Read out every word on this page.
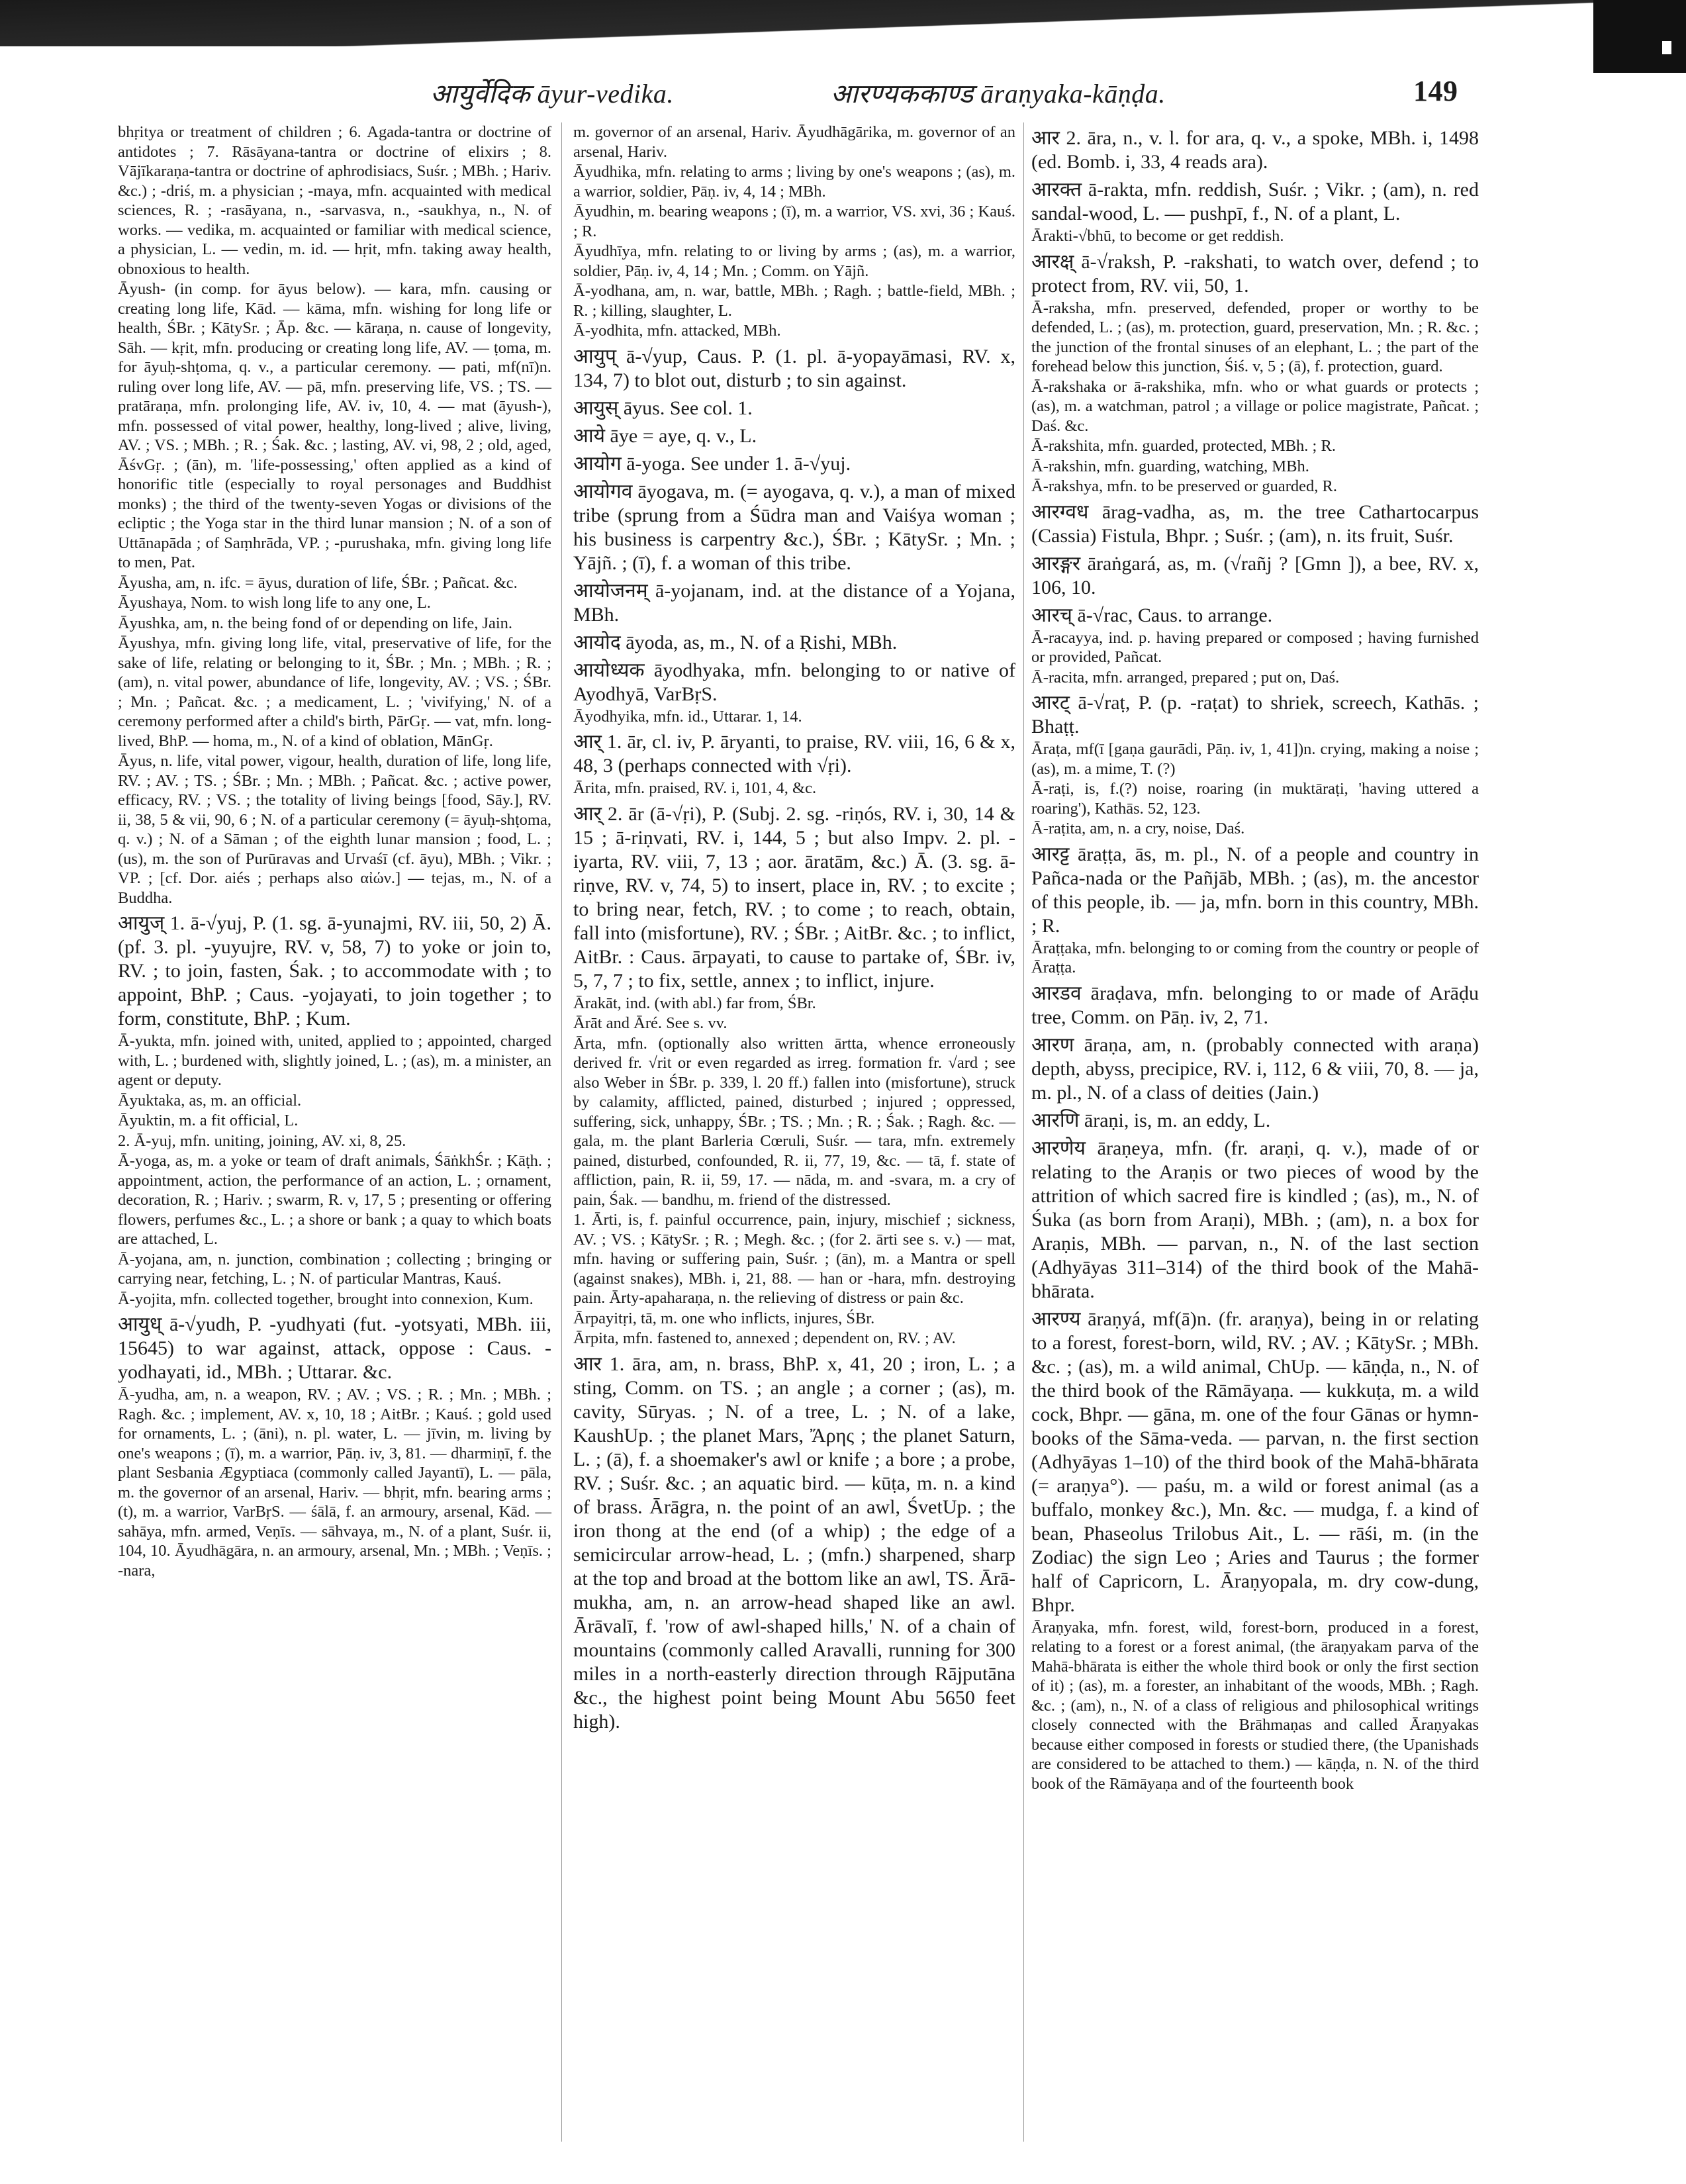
आयुर्वेदिक āyur-vedika.	आरण्यककाण्ड āraṇyaka-kāṇḍa.	149

bhṛitya or treatment of children ; 6. Agada-tantra or doctrine of antidotes ; 7. Rāsāyana-tantra or doctrine of elixirs ; 8. Vājīkaraṇa-tantra or doctrine of aphrodisiacs, Suśr. ; MBh. ; Hariv. &c.) ; -driś, m. a physician ; -maya, mfn. acquainted with medical sciences, R. ; -rasāyana, n., -sarvasva, n., -saukhya, n., N. of works. — vedika, m. acquainted or familiar with medical science, a physician, L. — vedin, m. id. — hṛit, mfn. taking away health, obnoxious to health.

Āyush- (in comp. for āyus below). — kara, mfn. causing or creating long life, Kād. — kāma, mfn. wishing for long life or health, ŚBr. ; KātySr. ; Āp. &c. — kāraṇa, n. cause of longevity, Sāh. — kṛit, mfn. producing or creating long life, AV. — ṭoma, m. for āyuḥ-shṭoma, q. v., a particular ceremony. — pati, mf(nī)n. ruling over long life, AV. — pā, mfn. preserving life, VS. ; TS. — pratāraṇa, mfn. prolonging life, AV. iv, 10, 4. — mat (āyush-), mfn. possessed of vital power, healthy, long-lived ; alive, living, AV. ; VS. ; MBh. ; R. ; Śak. &c. ; lasting, AV. vi, 98, 2 ; old, aged, ĀśvGṛ. ; (ān), m. 'life-possessing,' often applied as a kind of honorific title (especially to royal personages and Buddhist monks) ; the third of the twenty-seven Yogas or divisions of the ecliptic ; the Yoga star in the third lunar mansion ; N. of a son of Uttānapāda ; of Saṃhrāda, VP. ; -purushaka, mfn. giving long life to men, Pat.

Āyusha, am, n. ifc. = āyus, duration of life, ŚBr. ; Pañcat. &c.

Āyushaya, Nom. to wish long life to any one, L.

Āyushka, am, n. the being fond of or depending on life, Jain.

Āyushya, mfn. giving long life, vital, preservative of life, for the sake of life, relating or belonging to it, ŚBr. ; Mn. ; MBh. ; R. ; (am), n. vital power, abundance of life, longevity, AV. ; VS. ; ŚBr. ; Mn. ; Pañcat. &c. ; a medicament, L. ; 'vivifying,' N. of a ceremony performed after a child's birth, PārGṛ. — vat, mfn. long-lived, BhP. — homa, m., N. of a kind of oblation, MānGṛ.

Āyus, n. life, vital power, vigour, health, duration of life, long life, RV. ; AV. ; TS. ; ŚBr. ; Mn. ; MBh. ; Pañcat. &c. ; active power, efficacy, RV. ; VS. ; the totality of living beings [food, Sāy.], RV. ii, 38, 5 & vii, 90, 6 ; N. of a particular ceremony (= āyuḥ-shṭoma, q. v.) ; N. of a Sāman ; of the eighth lunar mansion ; food, L. ; (us), m. the son of Purūravas and Urvaśī (cf. āyu), MBh. ; Vikr. ; VP. ; [cf. Dor. aiés ; perhaps also αἰών.] — tejas, m., N. of a Buddha.

आयुज् 1. ā-√yuj, P. (1. sg. ā-yunajmi, RV. iii, 50, 2) Ā. (pf. 3. pl. -yuyujre, RV. v, 58, 7) to yoke or join to, RV. ; to join, fasten, Śak. ; to accommodate with ; to appoint, BhP. ; Caus. -yojayati, to join together ; to form, constitute, BhP. ; Kum.

Ā-yukta, mfn. joined with, united, applied to ; appointed, charged with, L. ; burdened with, slightly joined, L. ; (as), m. a minister, an agent or deputy.

Āyuktaka, as, m. an official.

Āyuktin, m. a fit official, L.

2. Ā-yuj, mfn. uniting, joining, AV. xi, 8, 25.

Ā-yoga, as, m. a yoke or team of draft animals, ŚāṅkhŚr. ; Kāṭh. ; appointment, action, the performance of an action, L. ; ornament, decoration, R. ; Hariv. ; swarm, R. v, 17, 5 ; presenting or offering flowers, perfumes &c., L. ; a shore or bank ; a quay to which boats are attached, L.

Ā-yojana, am, n. junction, combination ; collecting ; bringing or carrying near, fetching, L. ; N. of particular Mantras, Kauś.

Ā-yojita, mfn. collected together, brought into connexion, Kum.

आयुध् ā-√yudh, P. -yudhyati (fut. -yotsyati, MBh. iii, 15645) to war against, attack, oppose : Caus. -yodhayati, id., MBh. ; Uttarar. &c.

Ā-yudha, am, n. a weapon, RV. ; AV. ; VS. ; R. ; Mn. ; MBh. ; Ragh. &c. ; implement, AV. x, 10, 18 ; AitBr. ; Kauś. ; gold used for ornaments, L. ; (āni), n. pl. water, L. — jīvin, m. living by one's weapons ; (ī), m. a warrior, Pāṇ. iv, 3, 81. — dharmiṇī, f. the plant Sesbania Ægyptiaca (commonly called Jayantī), L. — pāla, m. the governor of an arsenal, Hariv. — bhṛit, mfn. bearing arms ; (t), m. a warrior, VarBṛS. — śālā, f. an armoury, arsenal, Kād. — sahāya, mfn. armed, Veṇīs. — sāhvaya, m., N. of a plant, Suśr. ii, 104, 10. Āyudhāgāra, n. an armoury, arsenal, Mn. ; MBh. ; Veṇīs. ; -nara,

m. governor of an arsenal, Hariv. Āyudhāgārika, m. governor of an arsenal, Hariv.

Āyudhika, mfn. relating to arms ; living by one's weapons ; (as), m. a warrior, soldier, Pāṇ. iv, 4, 14 ; MBh.

Āyudhin, m. bearing weapons ; (ī), m. a warrior, VS. xvi, 36 ; Kauś. ; R.

Āyudhīya, mfn. relating to or living by arms ; (as), m. a warrior, soldier, Pāṇ. iv, 4, 14 ; Mn. ; Comm. on Yājñ.

Ā-yodhana, am, n. war, battle, MBh. ; Ragh. ; battle-field, MBh. ; R. ; killing, slaughter, L.

Ā-yodhita, mfn. attacked, MBh.

आयुप् ā-√yup, Caus. P. (1. pl. ā-yopayāmasi, RV. x, 134, 7) to blot out, disturb ; to sin against.

आयुस् āyus. See col. 1.

आये āye = aye, q. v., L.

आयोग ā-yoga. See under 1. ā-√yuj.

आयोगव āyogava, m. (= ayogava, q. v.), a man of mixed tribe (sprung from a Śūdra man and Vaiśya woman ; his business is carpentry &c.), ŚBr. ; KātySr. ; Mn. ; Yājñ. ; (ī), f. a woman of this tribe.

आयोजनम् ā-yojanam, ind. at the distance of a Yojana, MBh.

आयोद āyoda, as, m., N. of a Ṛishi, MBh.

आयोध्यक āyodhyaka, mfn. belonging to or native of Ayodhyā, VarBṛS.

Āyodhyika, mfn. id., Uttarar. 1, 14.

आर् 1. ār, cl. iv, P. āryanti, to praise, RV. viii, 16, 6 & x, 48, 3 (perhaps connected with √ṛi).

Ārita, mfn. praised, RV. i, 101, 4, &c.

आर् 2. ār (ā-√ṛi), P. (Subj. 2. sg. -riṇós, RV. i, 30, 14 & 15 ; ā-riṇvati, RV. i, 144, 5 ; but also Impv. 2. pl. -iyarta, RV. viii, 7, 13 ; aor. āratām, &c.) Ā. (3. sg. ā-riṇve, RV. v, 74, 5) to insert, place in, RV. ; to excite ; to bring near, fetch, RV. ; to come ; to reach, obtain, fall into (misfortune), RV. ; ŚBr. ; AitBr. &c. ; to inflict, AitBr. : Caus. ārpayati, to cause to partake of, ŚBr. iv, 5, 7, 7 ; to fix, settle, annex ; to inflict, injure.

Ārakāt, ind. (with abl.) far from, ŚBr.

Ārāt and Āré. See s. vv.

Ārta, mfn. (optionally also written ārtta, whence erroneously derived fr. √rit or even regarded as irreg. formation fr. √ard ; see also Weber in ŚBr. p. 339, l. 20 ff.) fallen into (misfortune), struck by calamity, afflicted, pained, disturbed ; injured ; oppressed, suffering, sick, unhappy, ŚBr. ; TS. ; Mn. ; R. ; Śak. ; Ragh. &c. — gala, m. the plant Barleria Cœruli, Suśr. — tara, mfn. extremely pained, disturbed, confounded, R. ii, 77, 19, &c. — tā, f. state of affliction, pain, R. ii, 59, 17. — nāda, m. and -svara, m. a cry of pain, Śak. — bandhu, m. friend of the distressed.

1. Ārti, is, f. painful occurrence, pain, injury, mischief ; sickness, AV. ; VS. ; KātySr. ; R. ; Megh. &c. ; (for 2. ārti see s. v.) — mat, mfn. having or suffering pain, Suśr. ; (ān), m. a Mantra or spell (against snakes), MBh. i, 21, 88. — han or -hara, mfn. destroying pain. Ārty-apaharaṇa, n. the relieving of distress or pain &c.

Ārpayitṛi, tā, m. one who inflicts, injures, ŚBr.

Ārpita, mfn. fastened to, annexed ; dependent on, RV. ; AV.

आर 1. āra, am, n. brass, BhP. x, 41, 20 ; iron, L. ; a sting, Comm. on TS. ; an angle ; a corner ; (as), m. cavity, Sūryas. ; N. of a tree, L. ; N. of a lake, KaushUp. ; the planet Mars, Ἄρης ; the planet Saturn, L. ; (ā), f. a shoemaker's awl or knife ; a bore ; a probe, RV. ; Suśr. &c. ; an aquatic bird. — kūṭa, m. n. a kind of brass. Ārāgra, n. the point of an awl, ŚvetUp. ; the iron thong at the end (of a whip) ; the edge of a semicircular arrow-head, L. ; (mfn.) sharpened, sharp at the top and broad at the bottom like an awl, TS. Ārā-mukha, am, n. an arrow-head shaped like an awl. Ārāvalī, f. 'row of awl-shaped hills,' N. of a chain of mountains (commonly called Aravalli, running for 300 miles in a north-easterly direction through Rājputāna &c., the highest point being Mount Abu 5650 feet high).

आर 2. āra, n., v. l. for ara, q. v., a spoke, MBh. i, 1498 (ed. Bomb. i, 33, 4 reads ara).

आरक्त ā-rakta, mfn. reddish, Suśr. ; Vikr. ; (am), n. red sandal-wood, L. — pushpī, f., N. of a plant, L.

Ārakti-√bhū, to become or get reddish.

आरक्ष् ā-√raksh, P. -rakshati, to watch over, defend ; to protect from, RV. vii, 50, 1.

Ā-raksha, mfn. preserved, defended, proper or worthy to be defended, L. ; (as), m. protection, guard, preservation, Mn. ; R. &c. ; the junction of the frontal sinuses of an elephant, L. ; the part of the forehead below this junction, Śiś. v, 5 ; (ā), f. protection, guard.

Ā-rakshaka or ā-rakshika, mfn. who or what guards or protects ; (as), m. a watchman, patrol ; a village or police magistrate, Pañcat. ; Daś. &c.

Ā-rakshita, mfn. guarded, protected, MBh. ; R.

Ā-rakshin, mfn. guarding, watching, MBh.

Ā-rakshya, mfn. to be preserved or guarded, R.

आरग्वध ārag-vadha, as, m. the tree Cathartocarpus (Cassia) Fistula, Bhpr. ; Suśr. ; (am), n. its fruit, Suśr.

आरङ्गर āraṅgará, as, m. (√rañj ? [Gmn ]), a bee, RV. x, 106, 10.

आरच् ā-√rac, Caus. to arrange.

Ā-racayya, ind. p. having prepared or composed ; having furnished or provided, Pañcat.

Ā-racita, mfn. arranged, prepared ; put on, Daś.

आरट् ā-√raṭ, P. (p. -raṭat) to shriek, screech, Kathās. ; Bhaṭṭ.

Āraṭa, mf(ī [gaṇa gaurādi, Pāṇ. iv, 1, 41])n. crying, making a noise ; (as), m. a mime, T. (?)

Ā-raṭi, is, f.(?) noise, roaring (in muktāraṭi, 'having uttered a roaring'), Kathās. 52, 123.

Ā-raṭita, am, n. a cry, noise, Daś.

आरट्ट āraṭṭa, ās, m. pl., N. of a people and country in Pañca-nada or the Pañjāb, MBh. ; (as), m. the ancestor of this people, ib. — ja, mfn. born in this country, MBh. ; R.

Āraṭṭaka, mfn. belonging to or coming from the country or people of Āraṭṭa.

आरडव āraḍava, mfn. belonging to or made of Arāḍu tree, Comm. on Pāṇ. iv, 2, 71.

आरण āraṇa, am, n. (probably connected with araṇa) depth, abyss, precipice, RV. i, 112, 6 & viii, 70, 8. — ja, m. pl., N. of a class of deities (Jain.)

आरणि āraṇi, is, m. an eddy, L.

आरणेय āraṇeya, mfn. (fr. araṇi, q. v.), made of or relating to the Araṇis or two pieces of wood by the attrition of which sacred fire is kindled ; (as), m., N. of Śuka (as born from Araṇi), MBh. ; (am), n. a box for Araṇis, MBh. — parvan, n., N. of the last section (Adhyāyas 311–314) of the third book of the Mahā-bhārata.

आरण्य āraṇyá, mf(ā)n. (fr. araṇya), being in or relating to a forest, forest-born, wild, RV. ; AV. ; KātySr. ; MBh. &c. ; (as), m. a wild animal, ChUp. — kāṇḍa, n., N. of the third book of the Rāmāyaṇa. — kukkuṭa, m. a wild cock, Bhpr. — gāna, m. one of the four Gānas or hymn-books of the Sāma-veda. — parvan, n. the first section (Adhyāyas 1–10) of the third book of the Mahā-bhārata (= araṇya°). — paśu, m. a wild or forest animal (as a buffalo, monkey &c.), Mn. &c. — mudga, f. a kind of bean, Phaseolus Trilobus Ait., L. — rāśi, m. (in the Zodiac) the sign Leo ; Aries and Taurus ; the former half of Capricorn, L. Āraṇyopala, m. dry cow-dung, Bhpr.

Āraṇyaka, mfn. forest, wild, forest-born, produced in a forest, relating to a forest or a forest animal, (the āraṇyakam parva of the Mahā-bhārata is either the whole third book or only the first section of it) ; (as), m. a forester, an inhabitant of the woods, MBh. ; Ragh. &c. ; (am), n., N. of a class of religious and philosophical writings closely connected with the Brāhmaṇas and called Āraṇyakas because either composed in forests or studied there, (the Upanishads are considered to be attached to them.) — kāṇḍa, n. N. of the third book of the Rāmāyaṇa and of the fourteenth book
